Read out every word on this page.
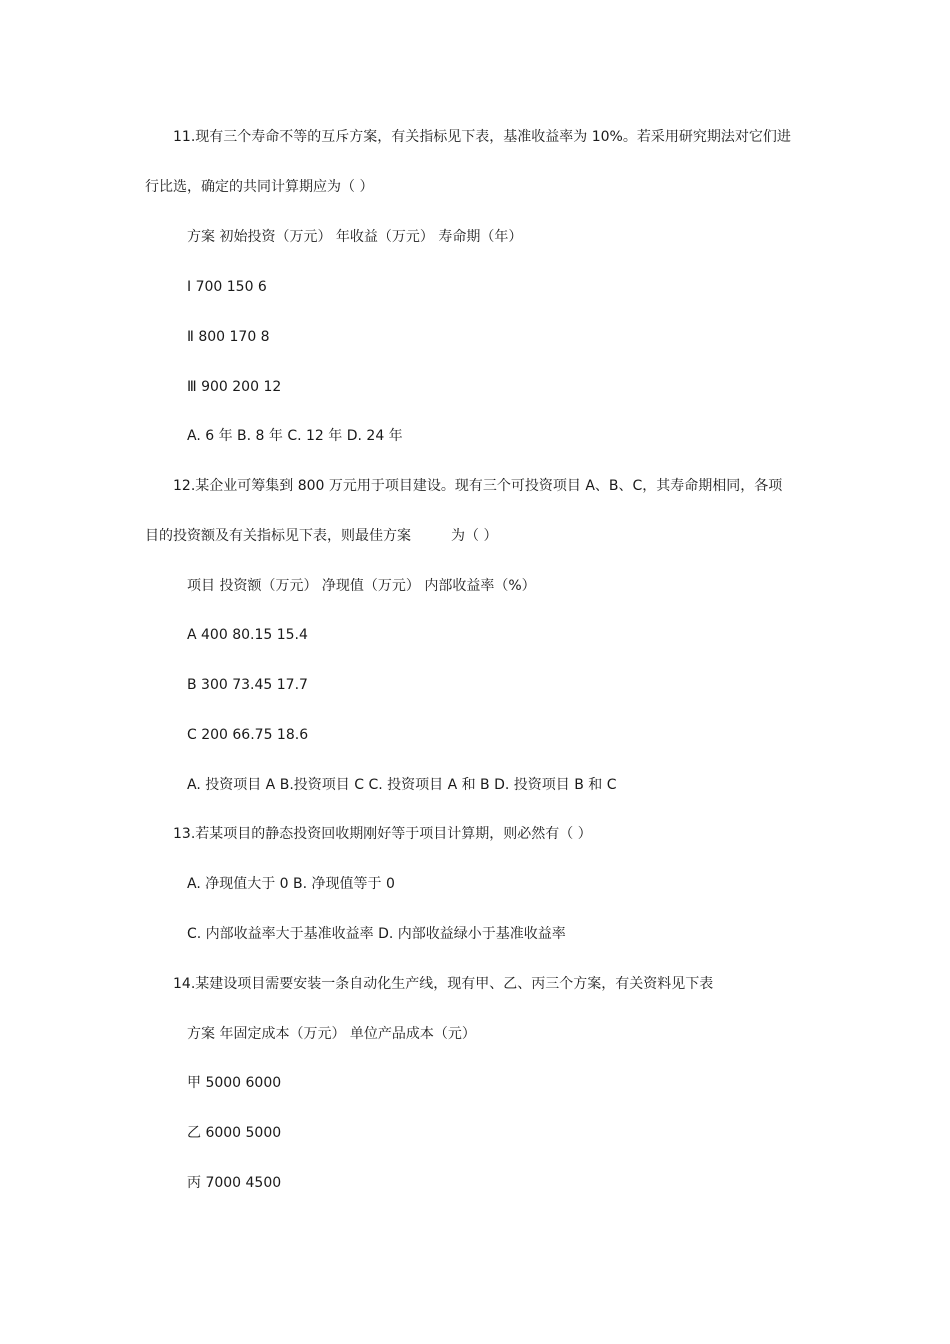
11.现有三个寿命不等的互斥方案，有关指标见下表，基准收益率为 10%。若采用研究期法对它们进
行比选，确定的共同计算期应为（ ）
方案 初始投资（万元） 年收益（万元） 寿命期（年）
Ⅰ 700 150 6
Ⅱ 800 170 8
Ⅲ 900 200 12
A. 6 年 B. 8 年 C. 12 年 D. 24 年
12.某企业可筹集到 800 万元用于项目建设。现有三个可投资项目 A、B、C，其寿命期相同，各项
目的投资额及有关指标见下表，则最佳方案	为（ ）
项目 投资额（万元） 净现值（万元） 内部收益率（%）
A 400 80.15 15.4
B 300 73.45 17.7
C 200 66.75 18.6
A. 投资项目 A B.投资项目 C C. 投资项目 A 和 B D. 投资项目 B 和 C
13.若某项目的静态投资回收期刚好等于项目计算期，则必然有（ ）
A. 净现值大于 0 B. 净现值等于 0
C. 内部收益率大于基准收益率 D. 内部收益绿小于基准收益率
14.某建设项目需要安装一条自动化生产线，现有甲、乙、丙三个方案，有关资料见下表
方案 年固定成本（万元） 单位产品成本（元）
甲 5000 6000
乙 6000 5000
丙 7000 4500
